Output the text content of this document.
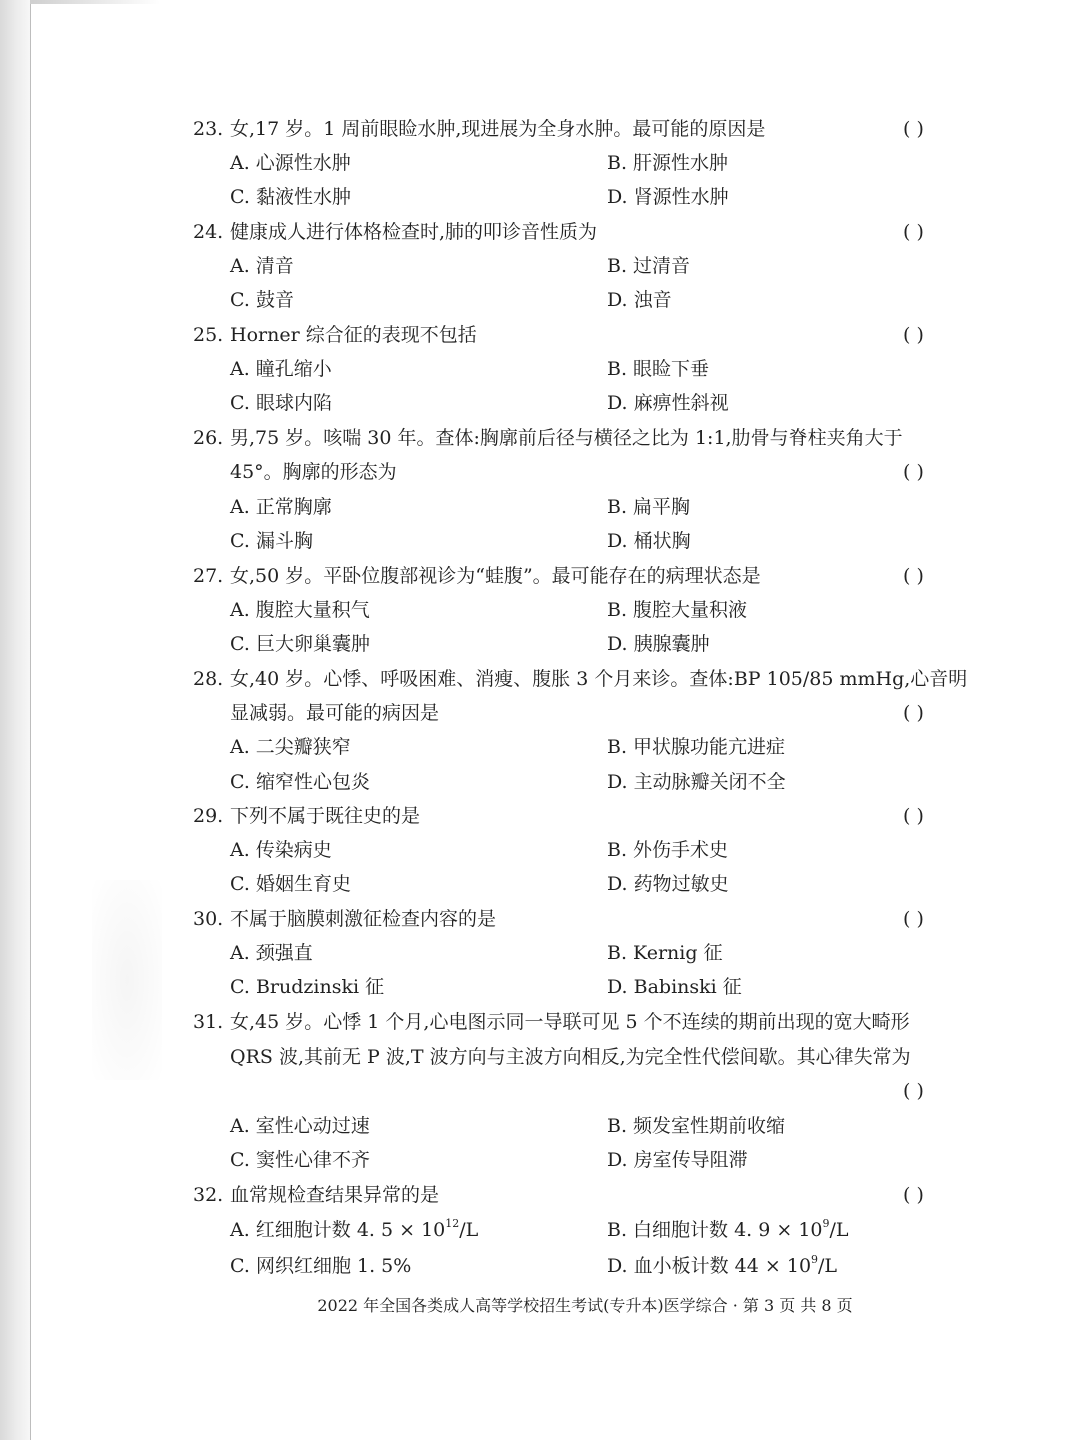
23. 女,17 岁。1 周前眼睑水肿,现进展为全身水肿。最可能的原因是	( )
A. 心源性水肿	B. 肝源性水肿
C. 黏液性水肿	D. 肾源性水肿
24. 健康成人进行体格检查时,肺的叩诊音性质为	( )
A. 清音	B. 过清音
C. 鼓音	D. 浊音
25. Horner 综合征的表现不包括	( )
A. 瞳孔缩小	B. 眼睑下垂
C. 眼球内陷	D. 麻痹性斜视
26. 男,75 岁。咳喘 30 年。查体:胸廓前后径与横径之比为 1:1,肋骨与脊柱夹角大于
45°。胸廓的形态为	( )
A. 正常胸廓	B. 扁平胸
C. 漏斗胸	D. 桶状胸
27. 女,50 岁。平卧位腹部视诊为“蛙腹”。最可能存在的病理状态是	( )
A. 腹腔大量积气	B. 腹腔大量积液
C. 巨大卵巢囊肿	D. 胰腺囊肿
28. 女,40 岁。心悸、呼吸困难、消瘦、腹胀 3 个月来诊。查体:BP 105/85 mmHg,心音明
显减弱。最可能的病因是	( )
A. 二尖瓣狭窄	B. 甲状腺功能亢进症
C. 缩窄性心包炎	D. 主动脉瓣关闭不全
29. 下列不属于既往史的是	( )
A. 传染病史	B. 外伤手术史
C. 婚姻生育史	D. 药物过敏史
30. 不属于脑膜刺激征检查内容的是	( )
A. 颈强直	B. Kernig 征
C. Brudzinski 征	D. Babinski 征
31. 女,45 岁。心悸 1 个月,心电图示同一导联可见 5 个不连续的期前出现的宽大畸形
QRS 波,其前无 P 波,T 波方向与主波方向相反,为完全性代偿间歇。其心律失常为
( )
A. 室性心动过速	B. 频发室性期前收缩
C. 窦性心律不齐	D. 房室传导阻滞
32. 血常规检查结果异常的是	( )
A. 红细胞计数 4. $5 \times 10^{12}/L$	B. 白细胞计数 4. $9 \times 10^9/L$
C. 网织红细胞 1. 5%	D. 血小板计数 $44 \times 10^9/L$
2022 年全国各类成人高等学校招生考试(专升本)医学综合 · 第 3 页 共 8 页
